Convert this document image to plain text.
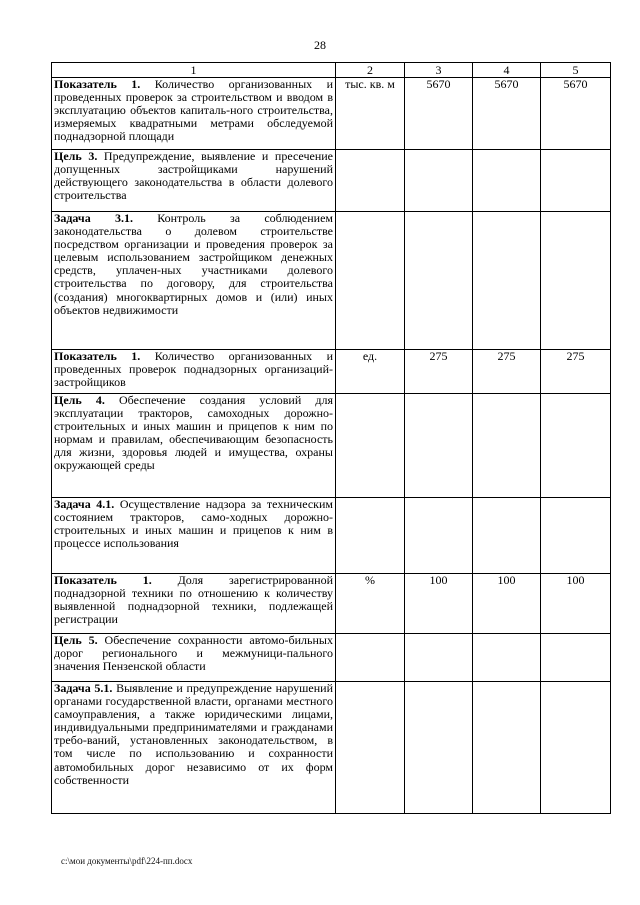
28
1	2	3	4	5
Показатель 1. Количество организованных и проведенных проверок за строительством и вводом в эксплуатацию объектов капиталь-ного строительства, измеряемых квадратными метрами обследуемой поднадзорной площади	тыс. кв. м	5670	5670	5670
Цель 3. Предупреждение, выявление и пресечение допущенных застройщиками нарушений действующего законодательства в области долевого строительства				
Задача 3.1. Контроль за соблюдением законодательства о долевом строительстве посредством организации и проведения проверок за целевым использованием застройщиком денежных средств, уплачен-ных участниками долевого строительства по договору, для строительства (создания) многоквартирных домов и (или) иных объектов недвижимости				
Показатель 1. Количество организованных и проведенных проверок поднадзорных организаций-застройщиков	ед.	275	275	275
Цель 4. Обеспечение создания условий для эксплуатации тракторов, самоходных дорожно-строительных и иных машин и прицепов к ним по нормам и правилам, обеспечивающим безопасность для жизни, здоровья людей и имущества, охраны окружающей среды				
Задача 4.1. Осуществление надзора за техническим состоянием тракторов, само-ходных дорожно-строительных и иных машин и прицепов к ним в процессе использования				
Показатель 1. Доля зарегистрированной поднадзорной техники по отношению к количеству выявленной поднадзорной техники, подлежащей регистрации	%	100	100	100
Цель 5. Обеспечение сохранности автомо-бильных дорог регионального и межмуници-пального значения Пензенской области				
Задача 5.1. Выявление и предупреждение нарушений органами государственной власти, органами местного самоуправления, а также юридическими лицами, индивидуальными предпринимателями и гражданами требо-ваний, установленных законодательством, в том числе по использованию и сохранности автомобильных дорог независимо от их форм собственности				
c:\мои документы\pdf\224-пп.docx
